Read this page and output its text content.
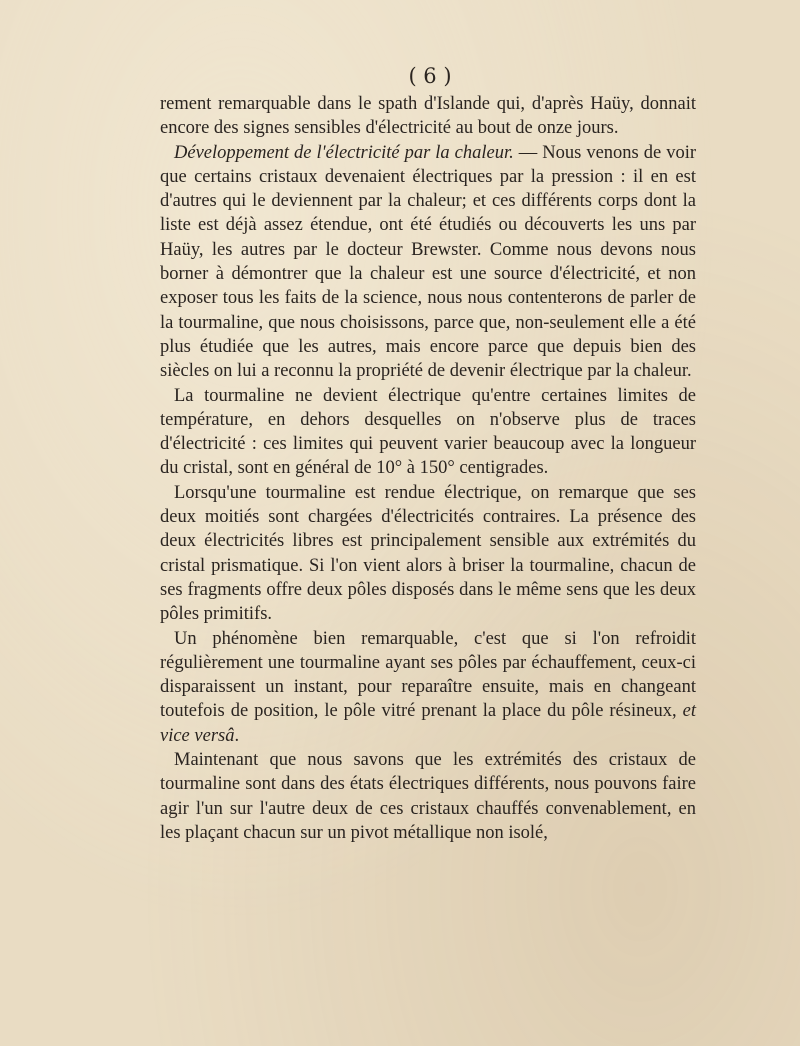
( 6 )

rement remarquable dans le spath d'Islande qui, d'après Haüy, donnait encore des signes sensibles d'électricité au bout de onze jours.

Développement de l'électricité par la chaleur. — Nous venons de voir que certains cristaux devenaient électriques par la pression : il en est d'autres qui le deviennent par la chaleur; et ces différents corps dont la liste est déjà assez étendue, ont été étudiés ou découverts les uns par Haüy, les autres par le docteur Brewster. Comme nous devons nous borner à démontrer que la chaleur est une source d'électricité, et non exposer tous les faits de la science, nous nous contenterons de parler de la tourmaline, que nous choisissons, parce que, non-seulement elle a été plus étudiée que les autres, mais encore parce que depuis bien des siècles on lui a reconnu la propriété de devenir électrique par la chaleur.

La tourmaline ne devient électrique qu'entre certaines limites de température, en dehors desquelles on n'observe plus de traces d'électricité : ces limites qui peuvent varier beaucoup avec la longueur du cristal, sont en général de 10° à 150° centigrades.

Lorsqu'une tourmaline est rendue électrique, on remarque que ses deux moitiés sont chargées d'électricités contraires. La présence des deux électricités libres est principalement sensible aux extrémités du cristal prismatique. Si l'on vient alors à briser la tourmaline, chacun de ses fragments offre deux pôles disposés dans le même sens que les deux pôles primitifs.

Un phénomène bien remarquable, c'est que si l'on refroidit régulièrement une tourmaline ayant ses pôles par échauffement, ceux-ci disparaissent un instant, pour reparaître ensuite, mais en changeant toutefois de position, le pôle vitré prenant la place du pôle résineux, et vice versâ.

Maintenant que nous savons que les extrémités des cristaux de tourmaline sont dans des états électriques différents, nous pouvons faire agir l'un sur l'autre deux de ces cristaux chauffés convenablement, en les plaçant chacun sur un pivot métallique non isolé,
